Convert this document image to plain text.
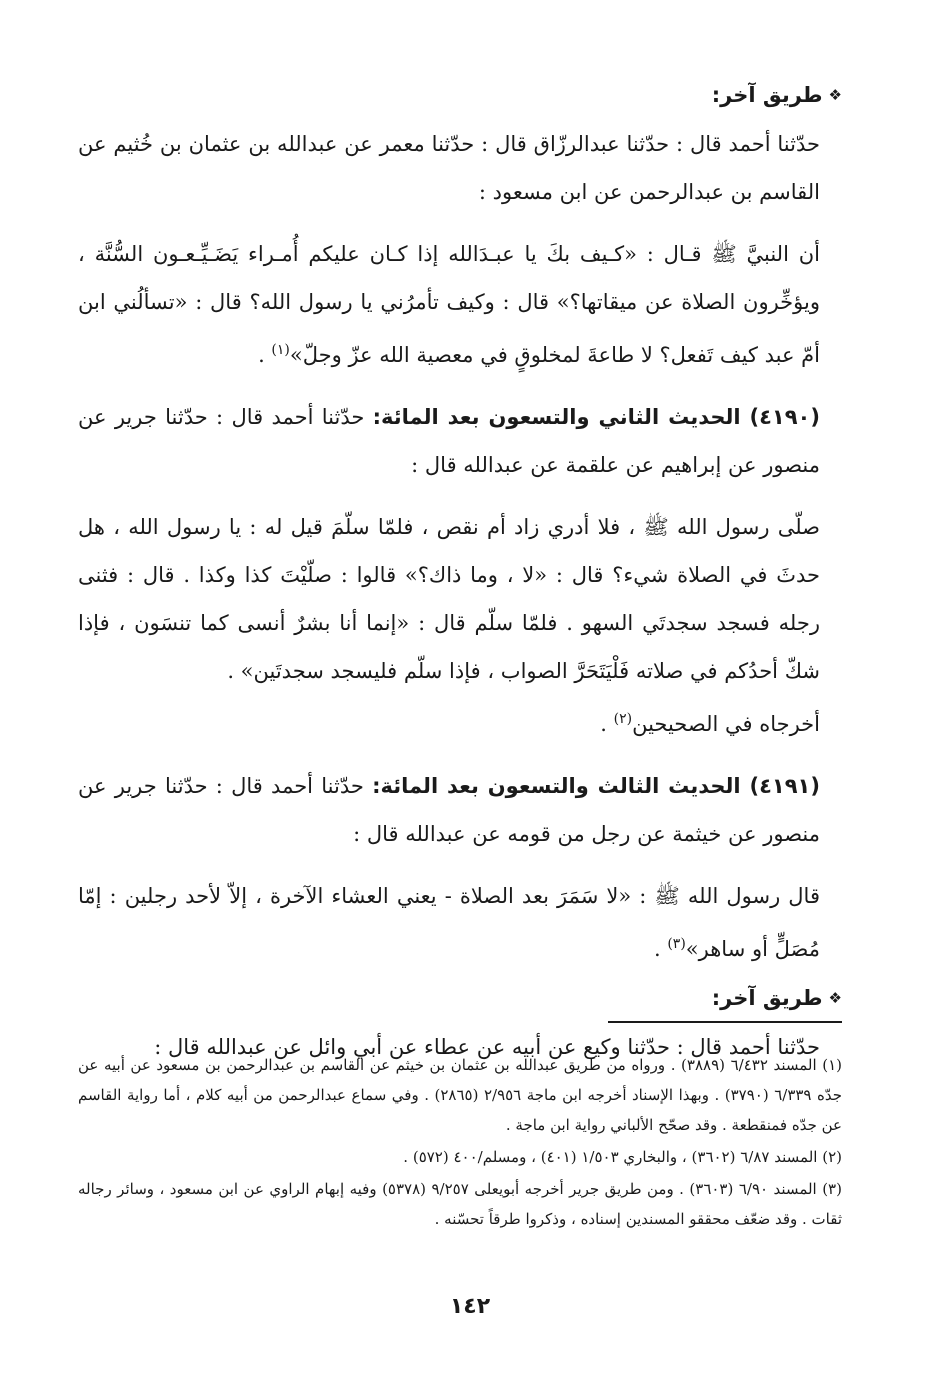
❖
طريق آخر:

حدّثنا أحمد قال : حدّثنا عبدالرزّاق قال : حدّثنا معمر عن عبدالله بن عثمان بن خُثيم عن القاسم بن عبدالرحمن عن ابن مسعود :

أن النبيَّ ﷺ قـال : «كـيف بكَ يا عبـدَالله إذا كـان عليكم أُمـراء يَضَـيِّـعـون السُّنَّة ، ويؤخِّرون الصلاة عن ميقاتها؟» قال : وكيف تأمرُني يا رسول الله؟ قال : «تسألُني ابن أمّ عبد كيف تَفعل؟ لا طاعةَ لمخلوقٍ في معصية الله عزّ وجلّ»$^{(١)}$ .

(٤١٩٠) الحديث الثاني والتسعون بعد المائة: حدّثنا أحمد قال : حدّثنا جرير عن منصور عن إبراهيم عن علقمة عن عبدالله قال :

صلّى رسول الله ﷺ ، فلا أدري زاد أم نقص ، فلمّا سلّمَ قيل له : يا رسول الله ، هل حدثَ في الصلاة شيء؟ قال : «لا ، وما ذاك؟» قالوا : صلّيْتَ كذا وكذا . قال : فثنى رجله فسجد سجدتَي السهو . فلمّا سلّم قال : «إنما أنا بشرٌ أنسى كما تنسَون ، فإذا شكّ أحدُكم في صلاته فَلْيَتَحَرَّ الصواب ، فإذا سلّم فليسجد سجدتَين» .

أخرجاه في الصحيحين$^{(٢)}$ .

(٤١٩١) الحديث الثالث والتسعون بعد المائة: حدّثنا أحمد قال : حدّثنا جرير عن منصور عن خيثمة عن رجل من قومه عن عبدالله قال :

قال رسول الله ﷺ : «لا سَمَرَ بعد الصلاة - يعني العشاء الآخرة ، إلاّ لأحد رجلين : إمّا مُصَلٍّ أو ساهر»$^{(٣)}$ .

❖
طريق آخر:

حدّثنا أحمد قال : حدّثنا وكيع عن أبيه عن عطاء عن أبي وائل عن عبدالله قال :

(١) المسند ٦/٤٣٢ (٣٨٨٩) . ورواه من طريق عبدالله بن عثمان بن خيثم عن القاسم بن عبدالرحمن بن مسعود عن أبيه عن جدّه ٦/٣٣٩ (٣٧٩٠) . وبهذا الإسناد أخرجه ابن ماجة ٢/٩٥٦ (٢٨٦٥) . وفي سماع عبدالرحمن من أبيه كلام ، أما رواية القاسم عن جدّه فمنقطعة . وقد صحّح الألباني رواية ابن ماجة .

(٢) المسند ٦/٨٧ (٣٦٠٢) ، والبخاري ١/٥٠٣ (٤٠١) ، ومسلم/٤٠٠ (٥٧٢) .

(٣) المسند ٦/٩٠ (٣٦٠٣) . ومن طريق جرير أخرجه أبويعلى ٩/٢٥٧ (٥٣٧٨) وفيه إبهام الراوي عن ابن مسعود ، وسائر رجاله ثقات . وقد ضعّف محققو المسندين إسناده ، وذكروا طرقاً تحسّنه .

١٤٢
